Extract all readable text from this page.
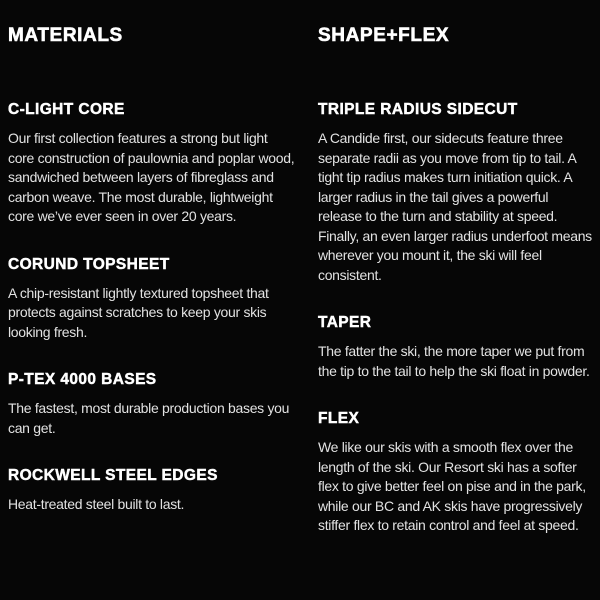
MATERIALS
C-LIGHT CORE

Our first collection features a strong but light core construction of paulownia and poplar wood, sandwiched between layers of fibreglass and carbon weave. The most durable, lightweight core we’ve ever seen in over 20 years.

CORUND TOPSHEET

A chip-resistant lightly textured topsheet that protects against scratches to keep your skis looking fresh.

P-TEX 4000 BASES

The fastest, most durable production bases you can get.

ROCKWELL STEEL EDGES

Heat-treated steel built to last.

SHAPE+FLEX
TRIPLE RADIUS SIDECUT

A Candide first, our sidecuts feature three separate radii as you move from tip to tail. A tight tip radius makes turn initiation quick. A larger radius in the tail gives a powerful release to the turn and stability at speed. Finally, an even larger radius underfoot means wherever you mount it, the ski will feel consistent.

TAPER

The fatter the ski, the more taper we put from the tip to the tail to help the ski float in powder.

FLEX

We like our skis with a smooth flex over the length of the ski. Our Resort ski has a softer flex to give better feel on pise and in the park, while our BC and AK skis have progressively stiffer flex to retain control and feel at speed.
